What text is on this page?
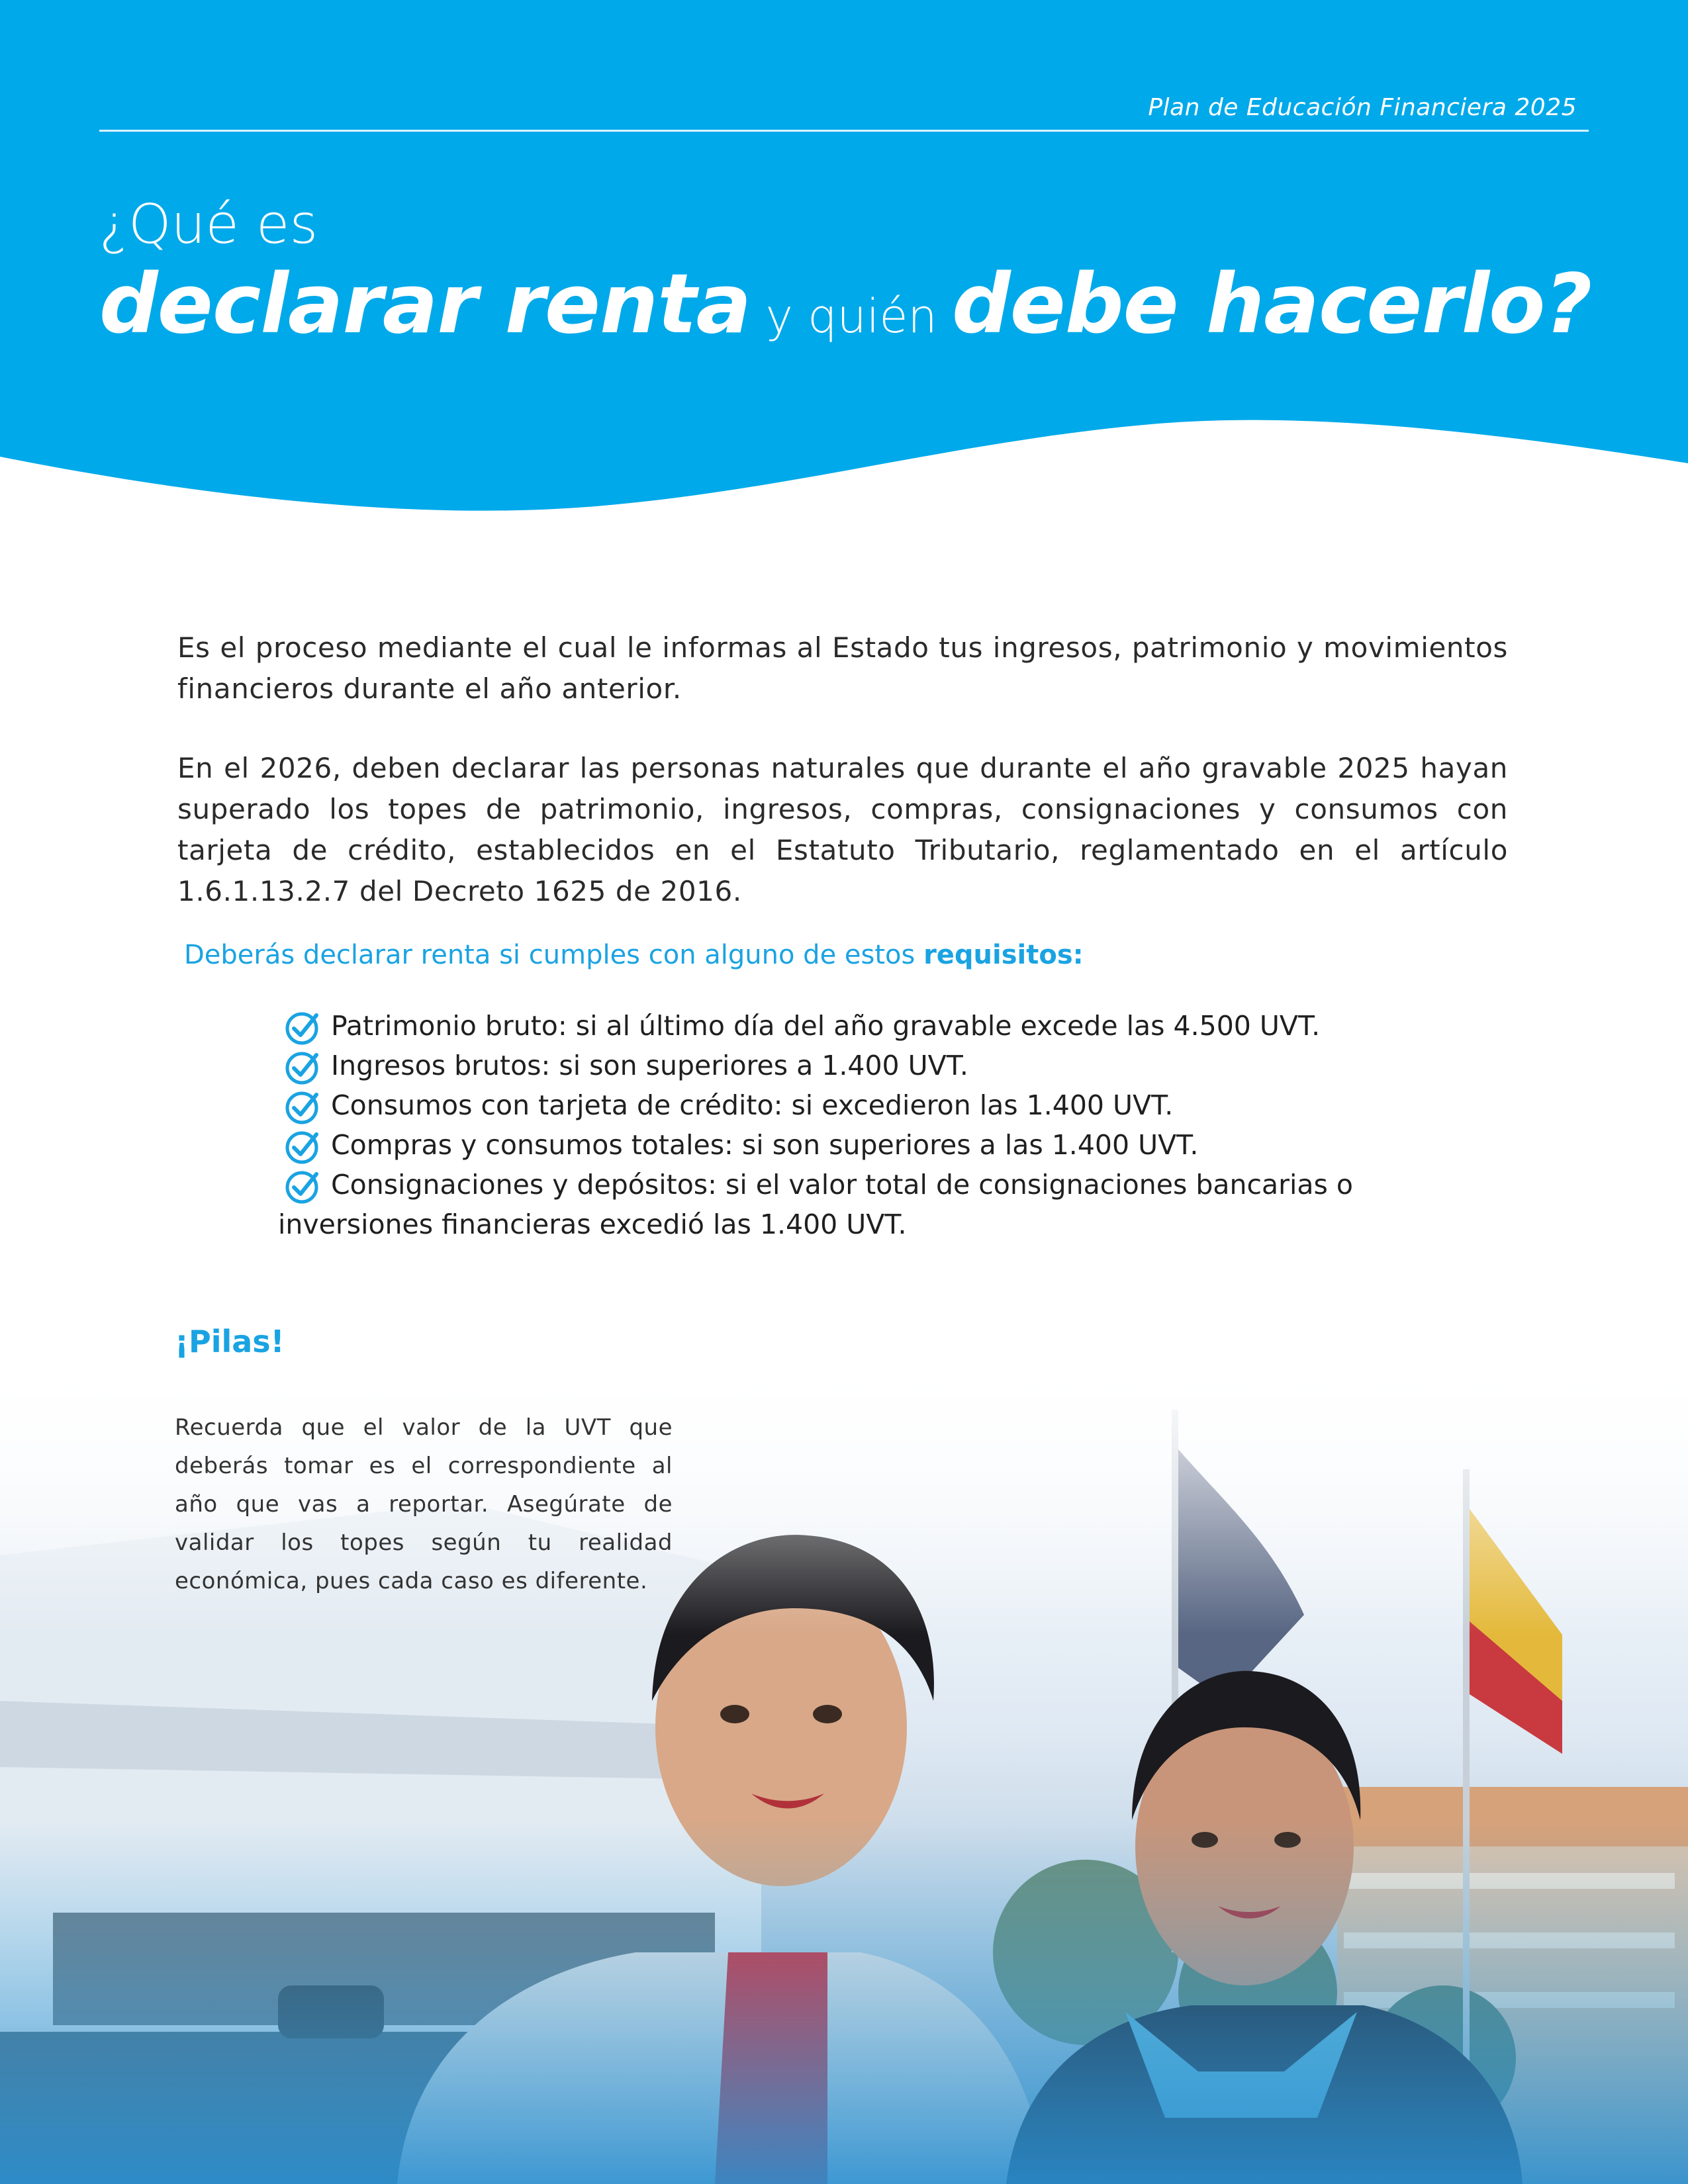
Plan de Educación Financiera 2025
¿Qué es
declarar renta y quién debe hacerlo?

Es el proceso mediante el cual le informas al Estado tus ingresos, patrimonio y movimientos financieros durante el año anterior.

En el 2026, deben declarar las personas naturales que durante el año gravable 2025 hayan superado los topes de patrimonio, ingresos, compras, consignaciones y consumos con tarjeta de crédito, establecidos en el Estatuto Tributario, reglamentado en el artículo 1.6.1.13.2.7 del Decreto 1625 de 2016.

Deberás declarar renta si cumples con alguno de estos requisitos:
Patrimonio bruto: si al último día del año gravable excede las 4.500 UVT.
Ingresos brutos: si son superiores a 1.400 UVT.
Consumos con tarjeta de crédito: si excedieron las 1.400 UVT.
Compras y consumos totales: si son superiores a las 1.400 UVT.
Consignaciones y depósitos: si el valor total de consignaciones bancarias o
inversiones financieras excedió las 1.400 UVT.
¡Pilas!

Recuerda que el valor de la UVT que deberás tomar es el correspondiente al año que vas a reportar. Asegúrate de validar los topes según tu realidad económica, pues cada caso es diferente.
